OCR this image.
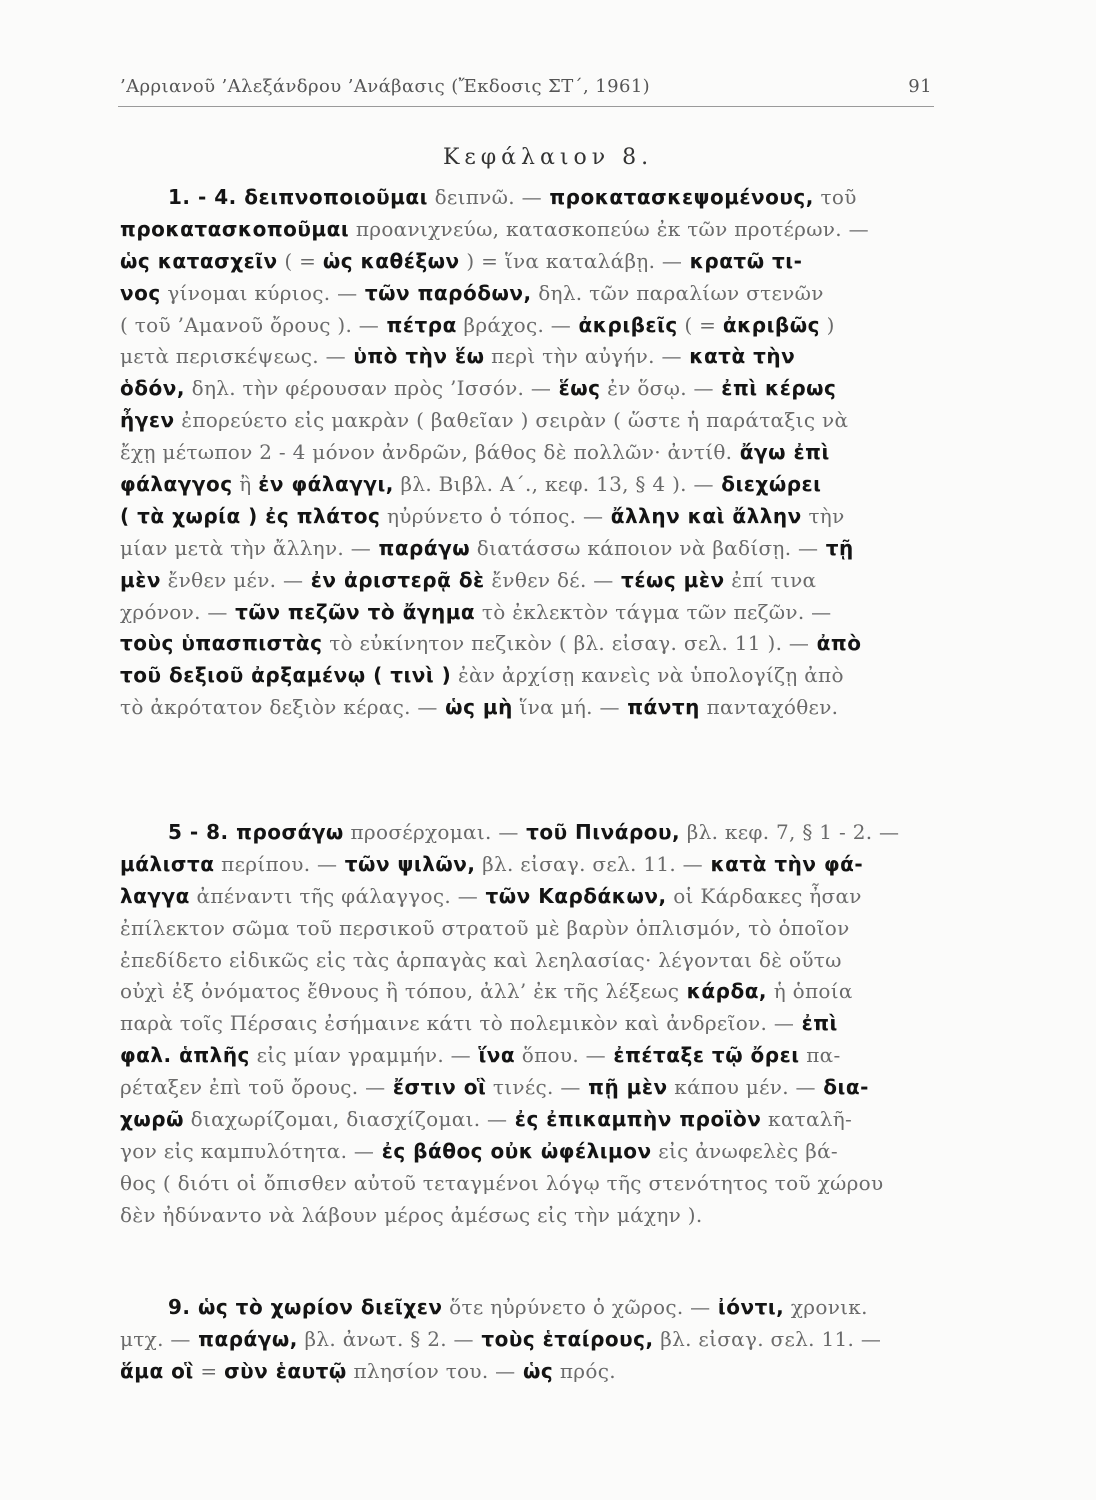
’Αρριανοῦ ’Αλεξάνδρου ’Ανάβασις (Ἔκδοσις ΣΤ΄, 1961)	91
Κεφάλαιον 8.
1. - 4. δειπνοποιοῦμαι δειπνῶ. — προκατασκεψομένους, τοῦ
προκατασκοποῦμαι προανιχνεύω, κατασκοπεύω ἐκ τῶν προτέρων. —
ὡς κατασχεῖν ( = ὡς καθέξων ) = ἵνα καταλάβῃ. — κρατῶ τι-
νος γίνομαι κύριος. — τῶν παρόδων, δηλ. τῶν παραλίων στενῶν
( τοῦ ’Αμανοῦ ὄρους ). — πέτρα βράχος. — ἀκριβεῖς ( = ἀκριβῶς )
μετὰ περισκέψεως. — ὑπὸ τὴν ἕω περὶ τὴν αὐγήν. — κατὰ τὴν
ὁδόν, δηλ. τὴν φέρουσαν πρὸς ’Ισσόν. — ἕως ἐν ὅσῳ. — ἐπὶ κέρως
ἦγεν ἐπορεύετο εἰς μακρὰν ( βαθεῖαν ) σειρὰν ( ὥστε ἡ παράταξις νὰ
ἔχῃ μέτωπον 2 - 4 μόνον ἀνδρῶν, βάθος δὲ πολλῶν· ἀντίθ. ἄγω ἐπὶ
φάλαγγος ἢ ἐν φάλαγγι, βλ. Βιβλ. Α΄., κεφ. 13, § 4 ). — διεχώρει
( τὰ χωρία ) ἐς πλάτος ηὐρύνετο ὁ τόπος. — ἄλλην καὶ ἄλλην τὴν
μίαν μετὰ τὴν ἄλλην. — παράγω διατάσσω κάποιον νὰ βαδίσῃ. — τῇ
μὲν ἔνθεν μέν. — ἐν ἀριστερᾷ δὲ ἔνθεν δέ. — τέως μὲν ἐπί τινα
χρόνον. — τῶν πεζῶν τὸ ἄγημα τὸ ἐκλεκτὸν τάγμα τῶν πεζῶν. —
τοὺς ὑπασπιστὰς τὸ εὐκίνητον πεζικὸν ( βλ. εἰσαγ. σελ. 11 ). — ἀπὸ
τοῦ δεξιοῦ ἀρξαμένῳ ( τινὶ ) ἐὰν ἀρχίσῃ κανεὶς νὰ ὑπολογίζῃ ἀπὸ
τὸ ἀκρότατον δεξιὸν κέρας. — ὡς μὴ ἵνα μή. — πάντη πανταχόθεν.
5 - 8. προσάγω προσέρχομαι. — τοῦ Πινάρου, βλ. κεφ. 7, § 1 - 2. —
μάλιστα περίπου. — τῶν ψιλῶν, βλ. εἰσαγ. σελ. 11. — κατὰ τὴν φά-
λαγγα ἀπέναντι τῆς φάλαγγος. — τῶν Καρδάκων, οἱ Κάρδακες ἦσαν
ἐπίλεκτον σῶμα τοῦ περσικοῦ στρατοῦ μὲ βαρὺν ὁπλισμόν, τὸ ὁποῖον
ἐπεδίδετο εἰδικῶς εἰς τὰς ἁρπαγὰς καὶ λεηλασίας· λέγονται δὲ οὕτω
οὐχὶ ἐξ ὀνόματος ἔθνους ἢ τόπου, ἀλλ’ ἐκ τῆς λέξεως κάρδα, ἡ ὁποία
παρὰ τοῖς Πέρσαις ἐσήμαινε κάτι τὸ πολεμικὸν καὶ ἀνδρεῖον. — ἐπὶ
φαλ. ἁπλῆς εἰς μίαν γραμμήν. — ἵνα ὅπου. — ἐπέταξε τῷ ὄρει πα-
ρέταξεν ἐπὶ τοῦ ὄρους. — ἔστιν οἳ τινές. — πῇ μὲν κάπου μέν. — δια-
χωρῶ διαχωρίζομαι, διασχίζομαι. — ἐς ἐπικαμπὴν προϊὸν καταλῆ-
γον εἰς καμπυλότητα. — ἐς βάθος οὐκ ὠφέλιμον εἰς ἀνωφελὲς βά-
θος ( διότι οἱ ὄπισθεν αὐτοῦ τεταγμένοι λόγῳ τῆς στενότητος τοῦ χώρου
δὲν ἠδύναντο νὰ λάβουν μέρος ἀμέσως εἰς τὴν μάχην ).
9. ὡς τὸ χωρίον διεῖχεν ὅτε ηὐρύνετο ὁ χῶρος. — ἰόντι, χρονικ.
μτχ. — παράγω, βλ. ἀνωτ. § 2. — τοὺς ἑταίρους, βλ. εἰσαγ. σελ. 11. —
ἅμα οἳ = σὺν ἑαυτῷ πλησίον του. — ὡς πρός.
